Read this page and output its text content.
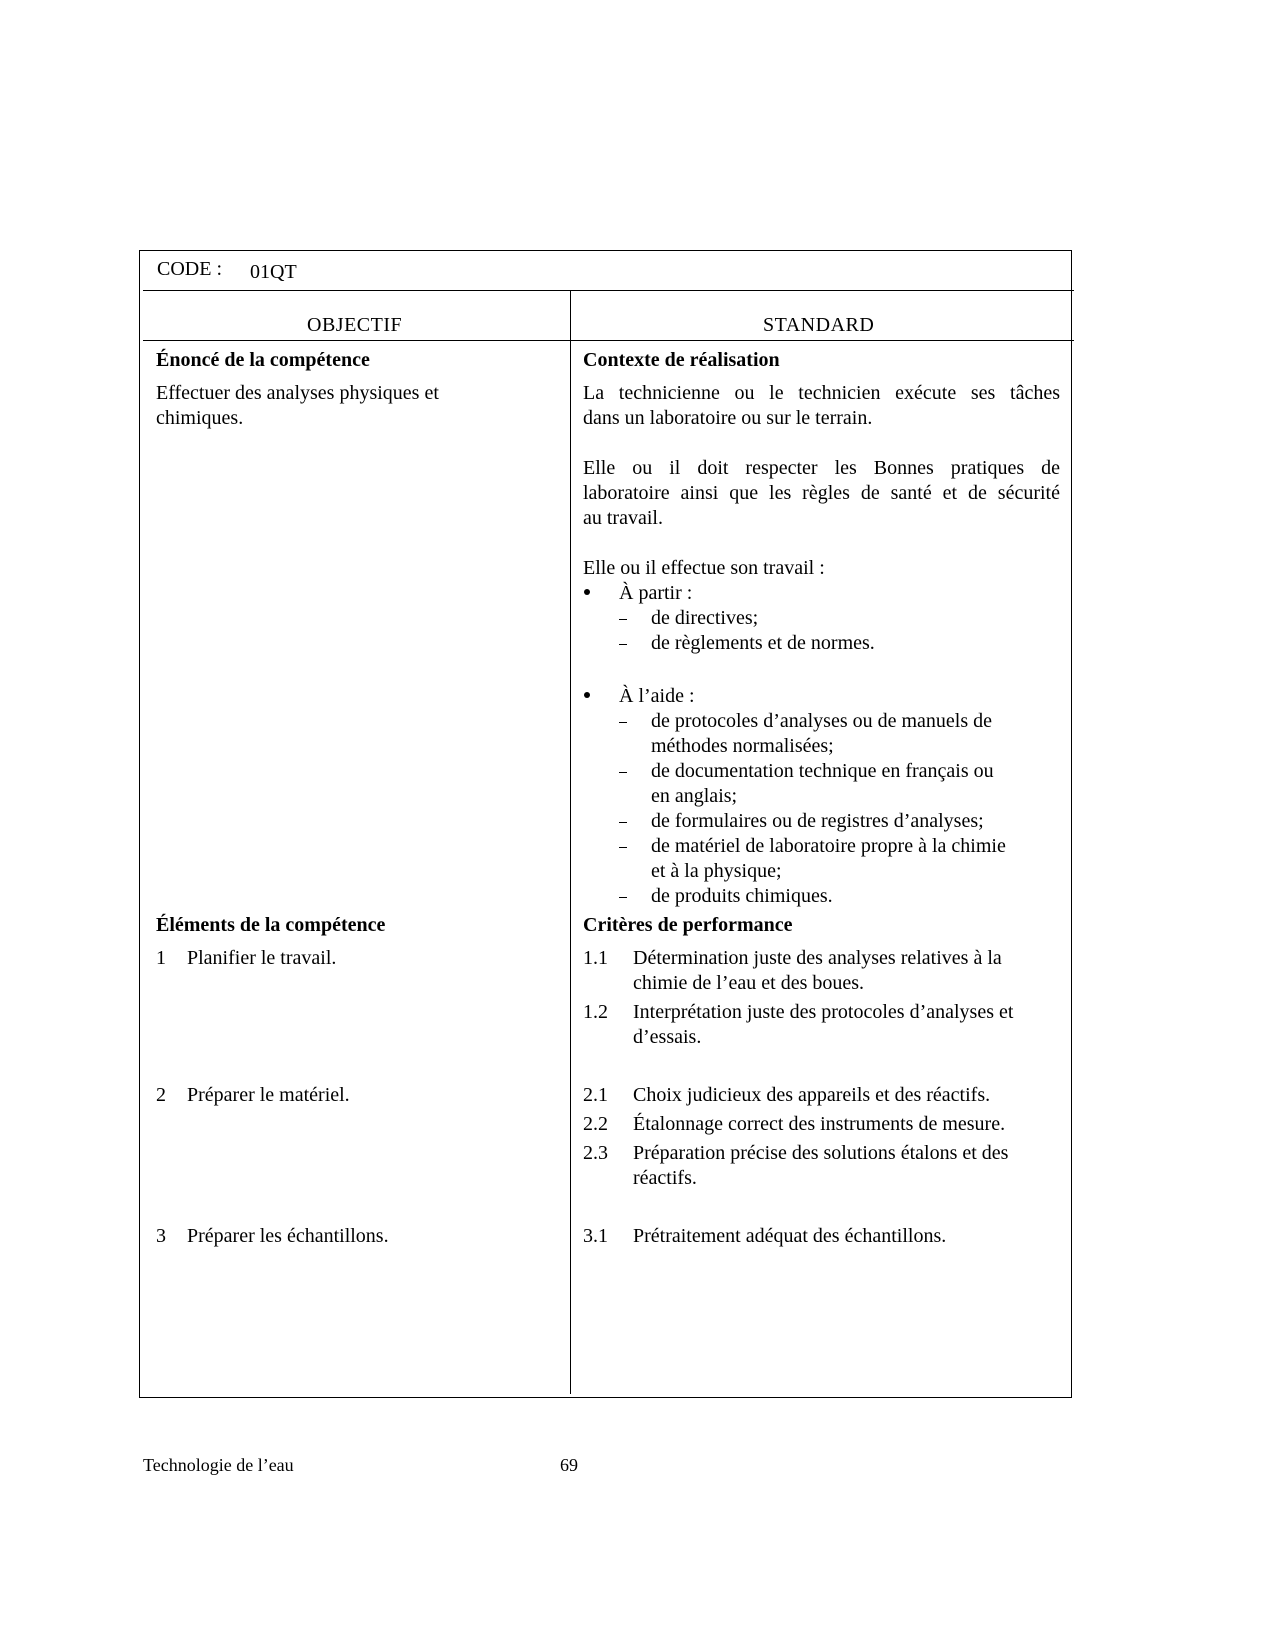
CODE : 01QT
OBJECTIF	STANDARD
Énoncé de la compétence
Effectuer des analyses physiques et
chimiques.
Éléments de la compétence
1 Planifier le travail.
2 Préparer le matériel.
3 Préparer les échantillons.
Contexte de réalisation
La technicienne ou le technicien exécute ses tâches
dans un laboratoire ou sur le terrain.
Elle ou il doit respecter les Bonnes pratiques de
laboratoire ainsi que les règles de santé et de sécurité
au travail.
Elle ou il effectue son travail :
À partir :
de directives;
de règlements et de normes.
À l’aide :
de protocoles d’analyses ou de manuels de
méthodes normalisées;
de documentation technique en français ou
en anglais;
de formulaires ou de registres d’analyses;
de matériel de laboratoire propre à la chimie
et à la physique;
de produits chimiques.
Critères de performance
1.1 Détermination juste des analyses relatives à la
chimie de l’eau et des boues.
1.2 Interprétation juste des protocoles d’analyses et
d’essais.
2.1 Choix judicieux des appareils et des réactifs.
2.2 Étalonnage correct des instruments de mesure.
2.3 Préparation précise des solutions étalons et des
réactifs.
3.1 Prétraitement adéquat des échantillons.
Technologie de l’eau	69
